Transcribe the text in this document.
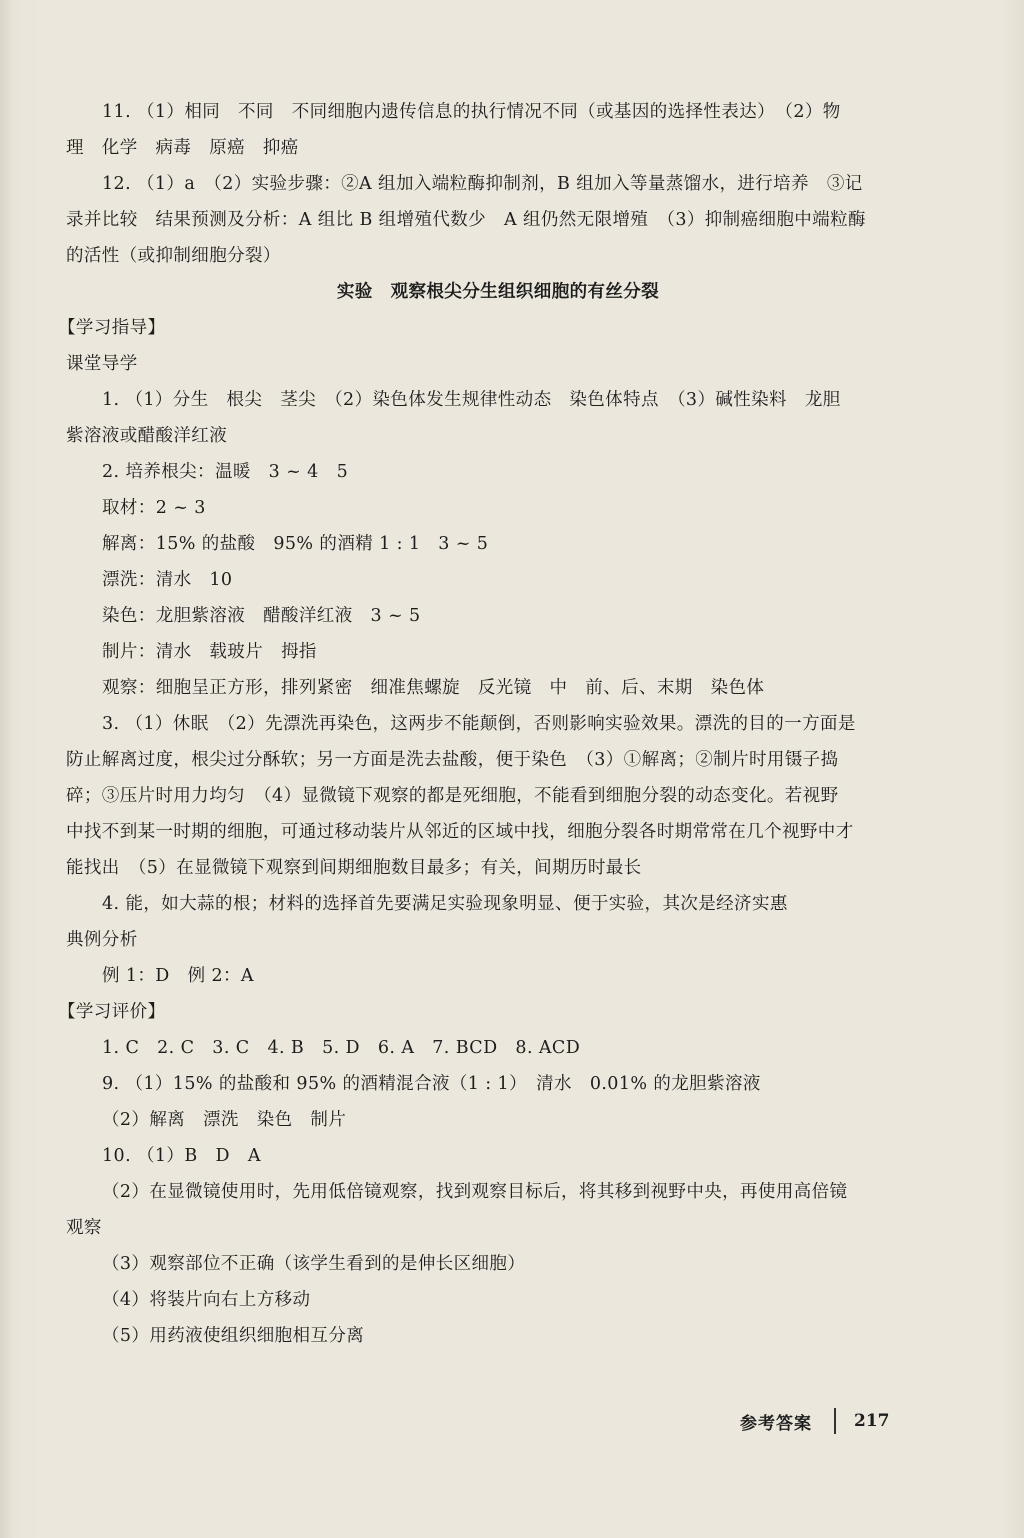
11. （1）相同　不同　不同细胞内遗传信息的执行情况不同（或基因的选择性表达）　（2）物
理　化学　病毒　原癌　抑癌
12. （1）a　（2）实验步骤：②A 组加入端粒酶抑制剂，B 组加入等量蒸馏水，进行培养　③记
录并比较　结果预测及分析：A 组比 B 组增殖代数少　A 组仍然无限增殖　（3）抑制癌细胞中端粒酶
的活性（或抑制细胞分裂）
实验　观察根尖分生组织细胞的有丝分裂
【学习指导】
课堂导学
1. （1）分生　根尖　茎尖　（2）染色体发生规律性动态　染色体特点　（3）碱性染料　龙胆
紫溶液或醋酸洋红液
2. 培养根尖：温暖　3 ~ 4　5
取材：2 ~ 3
解离：15% 的盐酸　95% 的酒精 1 : 1　3 ~ 5
漂洗：清水　10
染色：龙胆紫溶液　醋酸洋红液　3 ~ 5
制片：清水　载玻片　拇指
观察：细胞呈正方形，排列紧密　细准焦螺旋　反光镜　中　前、后、末期　染色体
3. （1）休眠　（2）先漂洗再染色，这两步不能颠倒，否则影响实验效果。漂洗的目的一方面是
防止解离过度，根尖过分酥软；另一方面是洗去盐酸，便于染色　（3）①解离；②制片时用镊子捣
碎；③压片时用力均匀　（4）显微镜下观察的都是死细胞，不能看到细胞分裂的动态变化。若视野
中找不到某一时期的细胞，可通过移动装片从邻近的区域中找，细胞分裂各时期常常在几个视野中才
能找出　（5）在显微镜下观察到间期细胞数目最多；有关，间期历时最长
4. 能，如大蒜的根；材料的选择首先要满足实验现象明显、便于实验，其次是经济实惠
典例分析
例 1：D　例 2：A
【学习评价】
1. C　2. C　3. C　4. B　5. D　6. A　7. BCD　8. ACD
9. （1）15% 的盐酸和 95% 的酒精混合液（1 : 1）　清水　0.01% 的龙胆紫溶液
（2）解离　漂洗　染色　制片
10. （1）B　D　A
（2）在显微镜使用时，先用低倍镜观察，找到观察目标后，将其移到视野中央，再使用高倍镜
观察
（3）观察部位不正确（该学生看到的是伸长区细胞）
（4）将装片向右上方移动
（5）用药液使组织细胞相互分离
参考答案 217
